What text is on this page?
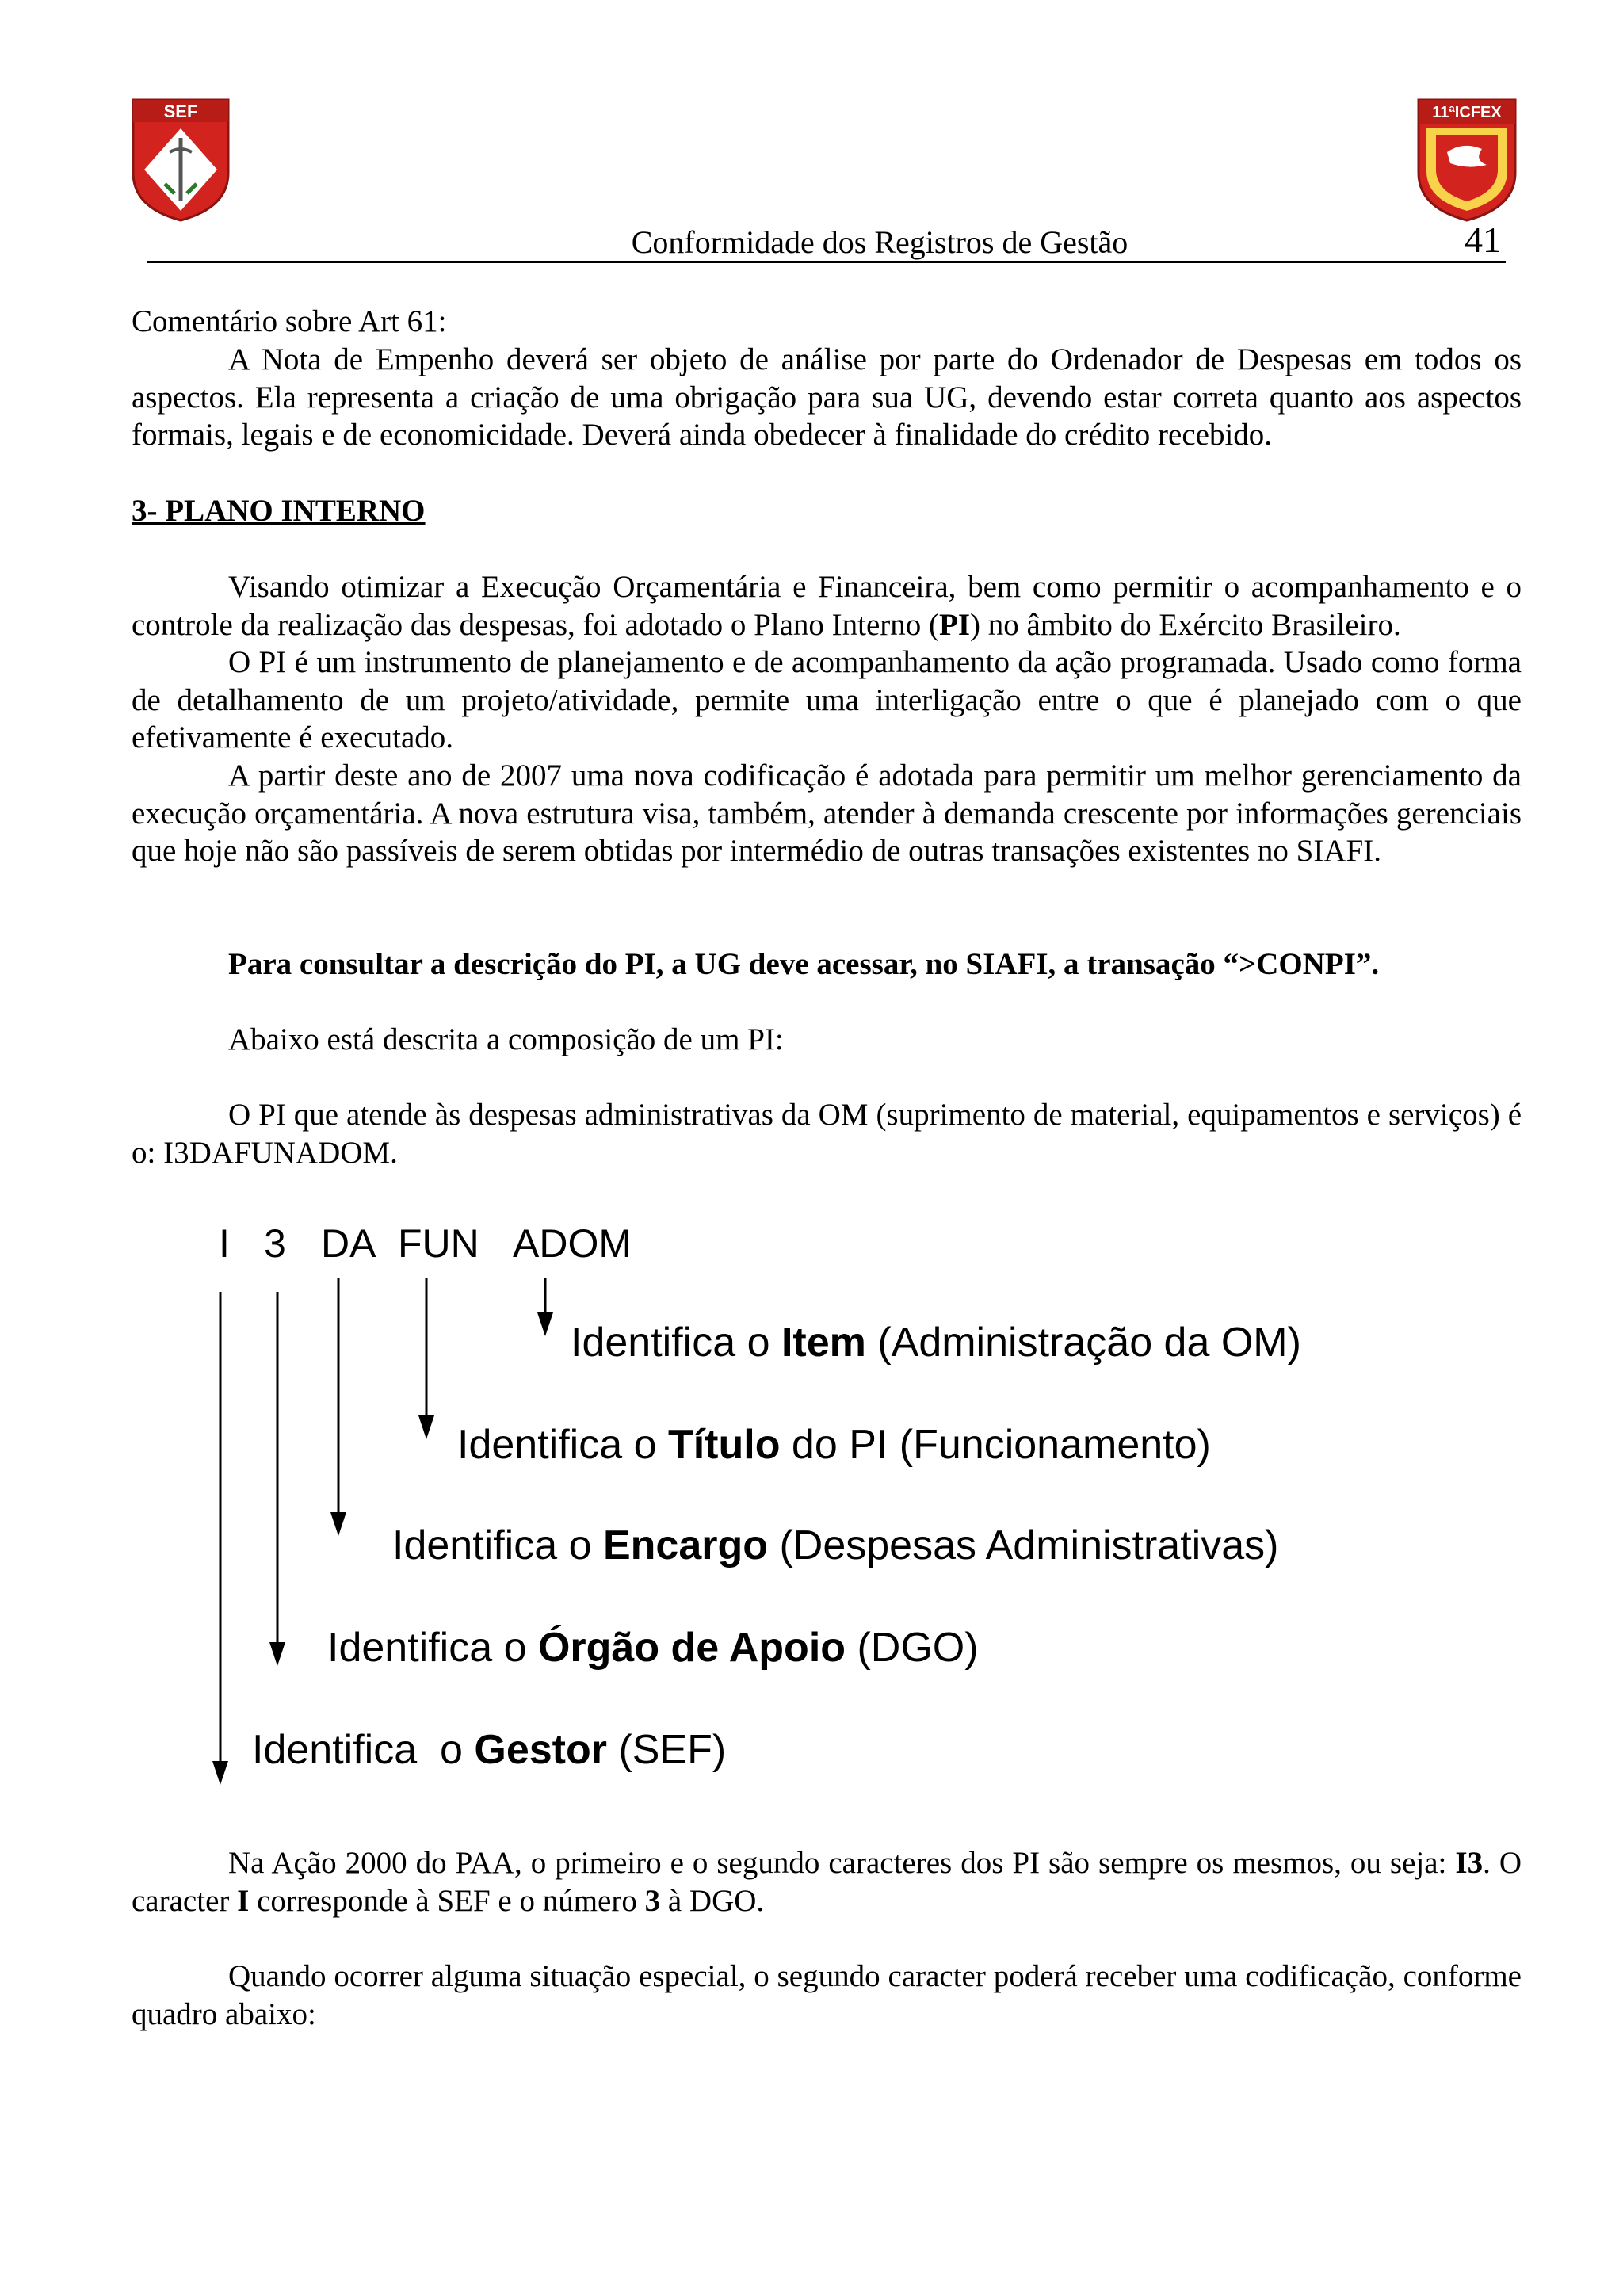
SEF	11ªICFEX
Conformidade dos Registros de Gestão	41

Comentário sobre Art 61:

A Nota de Empenho deverá ser objeto de análise por parte do Ordenador de Despesas em todos os aspectos. Ela representa a criação de uma obrigação para sua UG, devendo estar correta quanto aos aspectos formais, legais e de economicidade. Deverá ainda obedecer à finalidade do crédito recebido.

3- PLANO INTERNO

Visando otimizar a Execução Orçamentária e Financeira, bem como permitir o acompanhamento e o controle da realização das despesas, foi adotado o Plano Interno (PI) no âmbito do Exército Brasileiro.

O PI é um instrumento de planejamento e de acompanhamento da ação programada. Usado como forma de detalhamento de um projeto/atividade, permite uma interligação entre o que é planejado com o que efetivamente é executado.

A partir deste ano de 2007 uma nova codificação é adotada para permitir um melhor gerenciamento da execução orçamentária. A nova estrutura visa, também, atender à demanda crescente por informações gerenciais que hoje não são passíveis de serem obtidas por intermédio de outras transações existentes no SIAFI.

Para consultar a descrição do PI, a UG deve acessar, no SIAFI, a transação “>CONPI”.

Abaixo está descrita a composição de um PI:

O PI que atende às despesas administrativas da OM (suprimento de material, equipamentos e serviços) é o: I3DAFUNADOM.

I 3 DA FUN ADOM
Identifica o Item (Administração da OM)
Identifica o Título do PI (Funcionamento)
Identifica o Encargo (Despesas Administrativas)
Identifica o Órgão de Apoio (DGO)
Identifica  o Gestor (SEF)

Na Ação 2000 do PAA, o primeiro e o segundo caracteres dos PI são sempre os mesmos, ou seja: I3. O caracter I corresponde à SEF e o número 3 à DGO.

Quando ocorrer alguma situação especial, o segundo caracter poderá receber uma codificação, conforme quadro abaixo:
